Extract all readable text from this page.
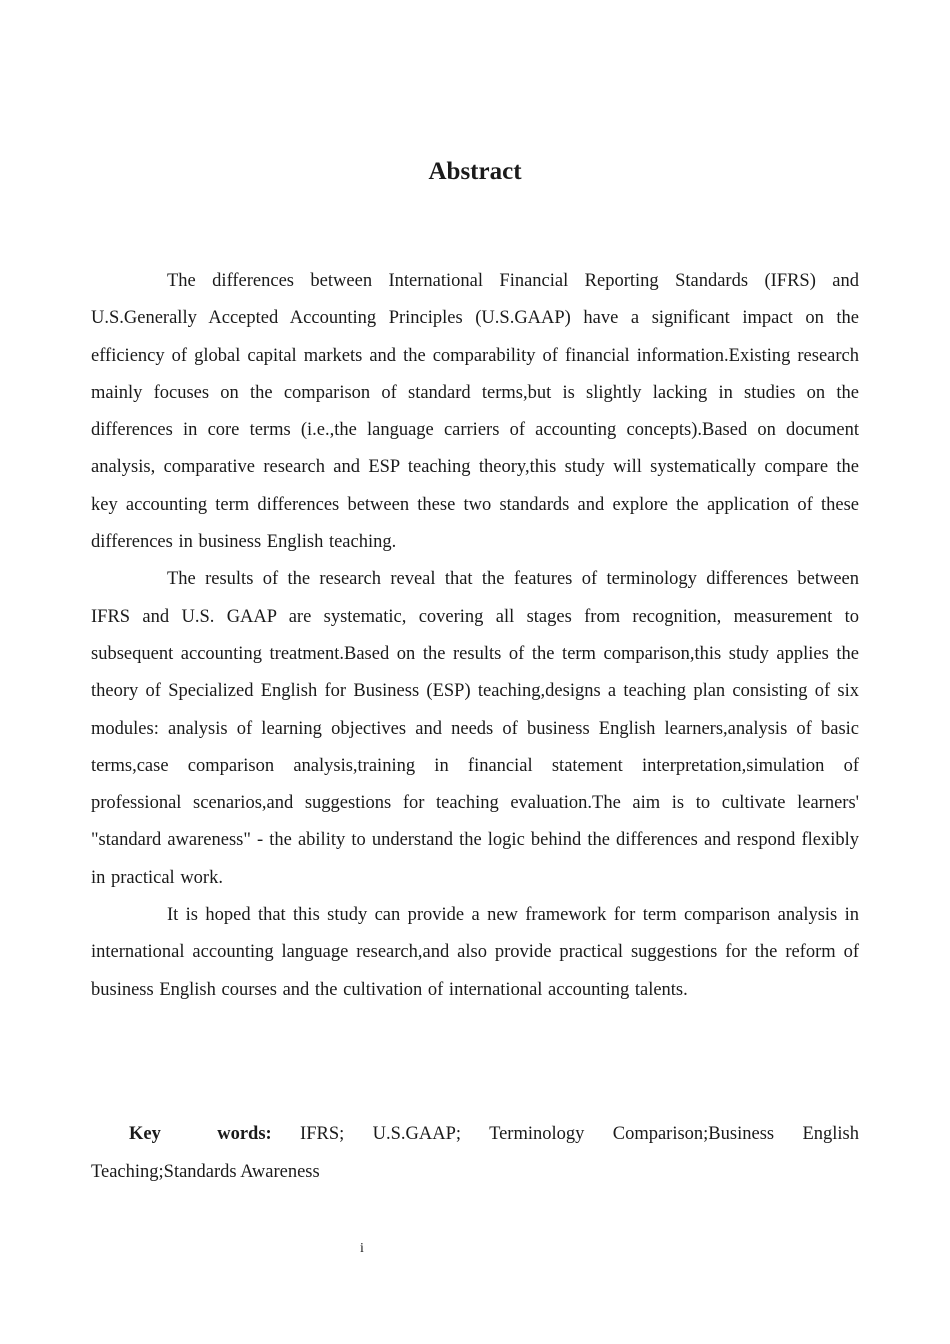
Abstract

The differences between International Financial Reporting Standards (IFRS) and U.S.Generally Accepted Accounting Principles (U.S.GAAP) have a significant impact on the efficiency of global capital markets and the comparability of financial information.Existing research mainly focuses on the comparison of standard terms,but is slightly lacking in studies on the differences in core terms (i.e.,the language carriers of accounting concepts).Based on document analysis, comparative research and ESP teaching theory,this study will systematically compare the key accounting term differences between these two standards and explore the application of these differences in business English teaching.

The results of the research reveal that the features of terminology differences between IFRS and U.S. GAAP are systematic, covering all stages from recognition, measurement to subsequent accounting treatment.Based on the results of the term comparison,this study applies the theory of Specialized English for Business (ESP) teaching,designs a teaching plan consisting of six modules: analysis of learning objectives and needs of business English learners,analysis of basic terms,case comparison analysis,training in financial statement interpretation,simulation of professional scenarios,and suggestions for teaching evaluation.The aim is to cultivate learners' "standard awareness" - the ability to understand the logic behind the differences and respond flexibly in practical work.

It is hoped that this study can provide a new framework for term comparison analysis in international accounting language research,and also provide practical suggestions for the reform of business English courses and the cultivation of international accounting talents.

Key words: IFRS; U.S.GAAP; Terminology Comparison;Business English Teaching;Standards Awareness

i
